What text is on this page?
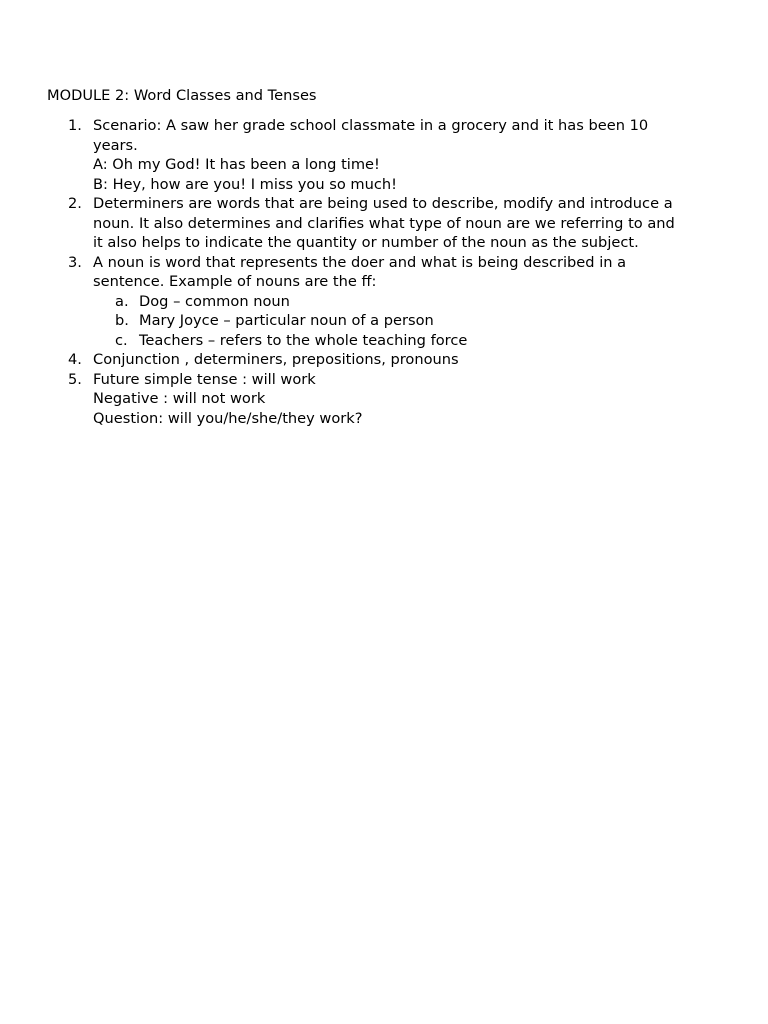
MODULE 2: Word Classes and Tenses
1. Scenario: A saw her grade school classmate in a grocery and it has been 10
years.
A: Oh my God! It has been a long time!
B: Hey, how are you! I miss you so much!
2. Determiners are words that are being used to describe, modify and introduce a
noun. It also determines and clarifies what type of noun are we referring to and
it also helps to indicate the quantity or number of the noun as the subject.
3. A noun is word that represents the doer and what is being described in a
sentence. Example of nouns are the ff:
a. Dog – common noun
b. Mary Joyce – particular noun of a person
c. Teachers – refers to the whole teaching force
4. Conjunction , determiners, prepositions, pronouns
5. Future simple tense : will work
Negative : will not work
Question: will you/he/she/they work?
